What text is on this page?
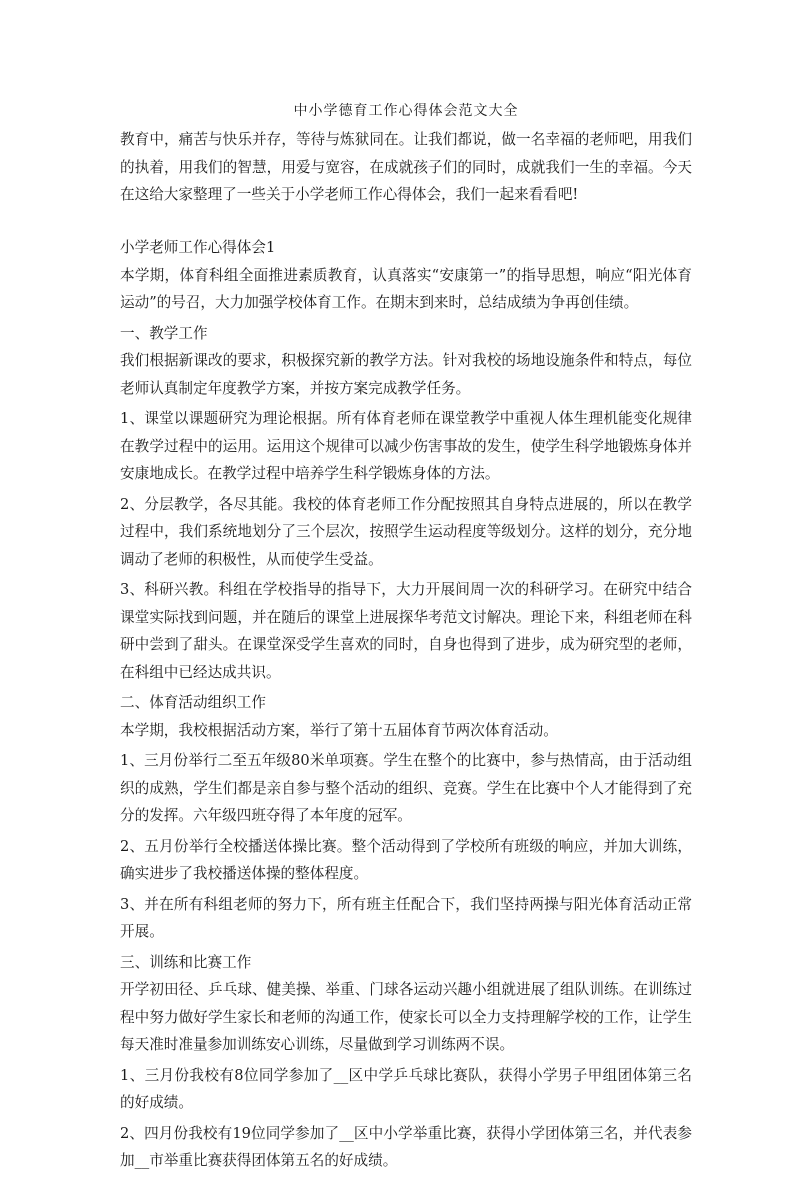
中小学德育工作心得体会范文大全

教育中，痛苦与快乐并存，等待与炼狱同在。让我们都说，做一名幸福的老师吧，用我们的执着，用我们的智慧，用爱与宽容，在成就孩子们的同时，成就我们一生的幸福。今天在这给大家整理了一些关于小学老师工作心得体会，我们一起来看看吧!

小学老师工作心得体会1

本学期，体育科组全面推进素质教育，认真落实“安康第一”的指导思想，响应“阳光体育运动”的号召，大力加强学校体育工作。在期末到来时，总结成绩为争再创佳绩。

一、教学工作

我们根据新课改的要求，积极探究新的教学方法。针对我校的场地设施条件和特点，每位老师认真制定年度教学方案，并按方案完成教学任务。

1、课堂以课题研究为理论根据。所有体育老师在课堂教学中重视人体生理机能变化规律在教学过程中的运用。运用这个规律可以减少伤害事故的发生，使学生科学地锻炼身体并安康地成长。在教学过程中培养学生科学锻炼身体的方法。

2、分层教学，各尽其能。我校的体育老师工作分配按照其自身特点进展的，所以在教学过程中，我们系统地划分了三个层次，按照学生运动程度等级划分。这样的划分，充分地调动了老师的积极性，从而使学生受益。

3、科研兴教。科组在学校指导的指导下，大力开展间周一次的科研学习。在研究中结合课堂实际找到问题，并在随后的课堂上进展探华考范文讨解决。理论下来，科组老师在科研中尝到了甜头。在课堂深受学生喜欢的同时，自身也得到了进步，成为研究型的老师，在科组中已经达成共识。

二、体育活动组织工作

本学期，我校根据活动方案，举行了第十五届体育节两次体育活动。

1、三月份举行二至五年级80米单项赛。学生在整个的比赛中，参与热情高，由于活动组织的成熟，学生们都是亲自参与整个活动的组织、竞赛。学生在比赛中个人才能得到了充分的发挥。六年级四班夺得了本年度的冠军。

2、五月份举行全校播送体操比赛。整个活动得到了学校所有班级的响应，并加大训练，确实进步了我校播送体操的整体程度。

3、并在所有科组老师的努力下，所有班主任配合下，我们坚持两操与阳光体育活动正常开展。

三、训练和比赛工作

开学初田径、乒乓球、健美操、举重、门球各运动兴趣小组就进展了组队训练。在训练过程中努力做好学生家长和老师的沟通工作，使家长可以全力支持理解学校的工作，让学生每天准时准量参加训练安心训练，尽量做到学习训练两不误。

1、三月份我校有8位同学参加了__区中学乒乓球比赛队，获得小学男子甲组团体第三名的好成绩。

2、四月份我校有19位同学参加了__区中小学举重比赛，获得小学团体第三名，并代表参加__市举重比赛获得团体第五名的好成绩。
